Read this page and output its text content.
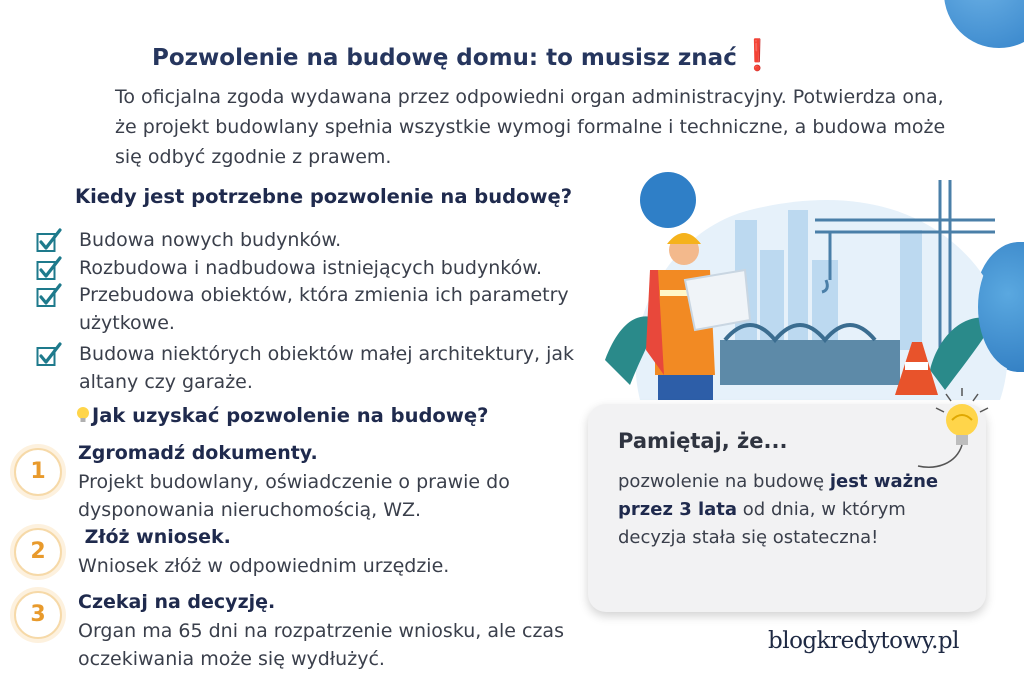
Pozwolenie na budowę domu: to musisz znać❗

To oficjalna zgoda wydawana przez odpowiedni organ administracyjny. Potwierdza ona, że projekt budowlany spełnia wszystkie wymogi formalne i techniczne, a budowa może się odbyć zgodnie z prawem.

Kiedy jest potrzebne pozwolenie na budowę?
Budowa nowych budynków.
Rozbudowa i nadbudowa istniejących budynków.
Przebudowa obiektów, która zmienia ich parametry użytkowe.
Budowa niektórych obiektów małej architektury, jak altany czy garaże.
Jak uzyskać pozwolenie na budowę?
1
Zgromadź dokumenty.
Projekt budowlany, oświadczenie o prawie do dysponowania nieruchomością, WZ.
2
Złóż wniosek.
Wniosek złóż w odpowiednim urzędzie.
3	Czekaj na decyzję.
Organ ma 65 dni na rozpatrzenie wniosku, ale czas oczekiwania może się wydłużyć.
Pamiętaj, że...
pozwolenie na budowę jest ważne przez 3 lata od dnia, w którym decyzja stała się ostateczna!
blogkredytowy.pl
